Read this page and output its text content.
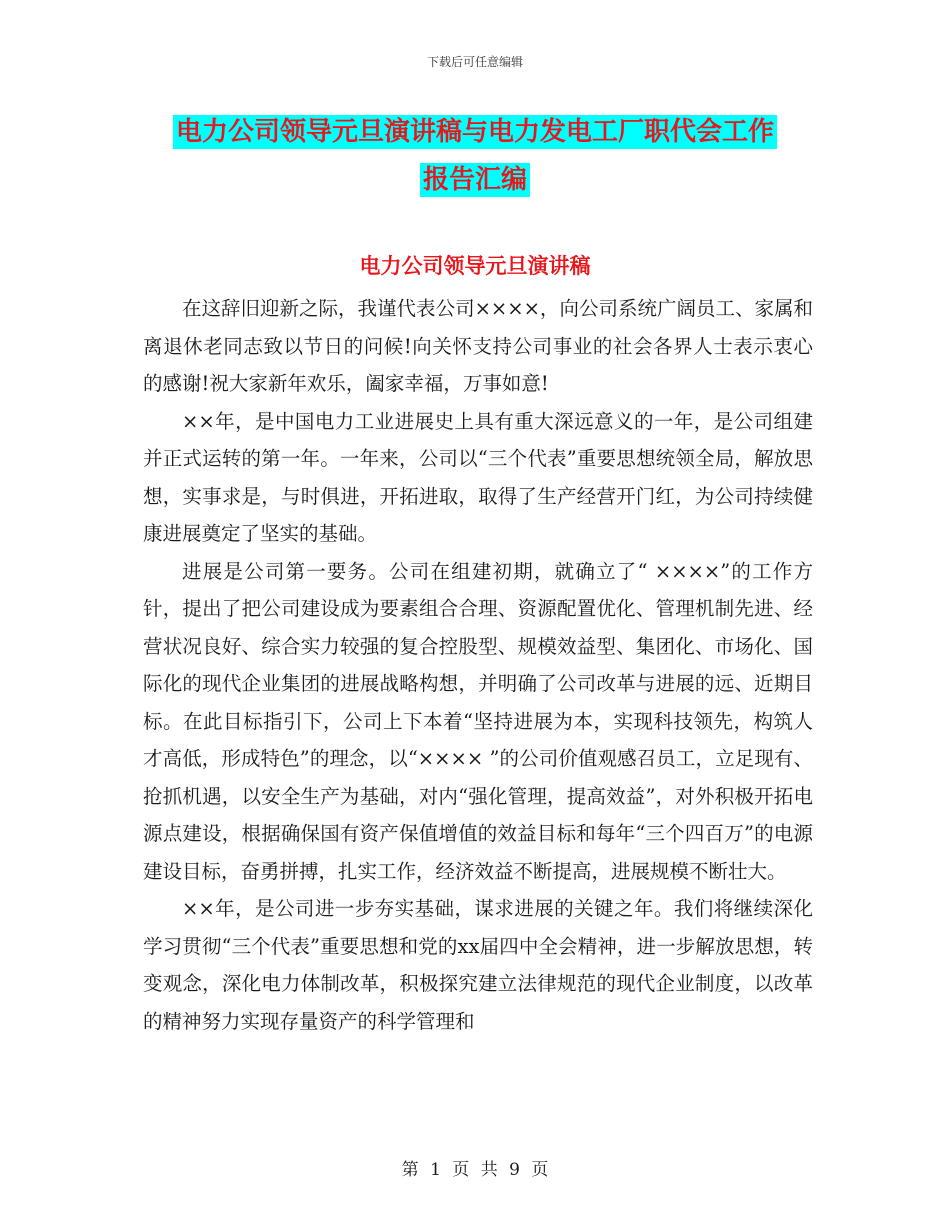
下载后可任意编辑
电力公司领导元旦演讲稿与电力发电工厂职代会工作
报告汇编
电力公司领导元旦演讲稿

在这辞旧迎新之际，我谨代表公司××××，向公司系统广阔员工、家属和离退休老同志致以节日的问候!向关怀支持公司事业的社会各界人士表示衷心的感谢!祝大家新年欢乐，阖家幸福，万事如意!

××年，是中国电力工业进展史上具有重大深远意义的一年，是公司组建并正式运转的第一年。一年来，公司以“三个代表”重要思想统领全局，解放思想，实事求是，与时俱进，开拓进取，取得了生产经营开门红，为公司持续健康进展奠定了坚实的基础。

进展是公司第一要务。公司在组建初期，就确立了“ ××××”的工作方针，提出了把公司建设成为要素组合合理、资源配置优化、管理机制先进、经营状况良好、综合实力较强的复合控股型、规模效益型、集团化、市场化、国际化的现代企业集团的进展战略构想，并明确了公司改革与进展的远、近期目标。在此目标指引下，公司上下本着“坚持进展为本，实现科技领先，构筑人才高低，形成特色”的理念，以“×××× ”的公司价值观感召员工，立足现有、抢抓机遇，以安全生产为基础，对内“强化管理，提高效益”，对外积极开拓电源点建设，根据确保国有资产保值增值的效益目标和每年“三个四百万”的电源建设目标，奋勇拼搏，扎实工作，经济效益不断提高，进展规模不断壮大。

××年，是公司进一步夯实基础，谋求进展的关键之年。我们将继续深化学习贯彻“三个代表”重要思想和党的xx届四中全会精神，进一步解放思想，转变观念，深化电力体制改革，积极探究建立法律规范的现代企业制度，以改革的精神努力实现存量资产的科学管理和

第 1 页 共 9 页
